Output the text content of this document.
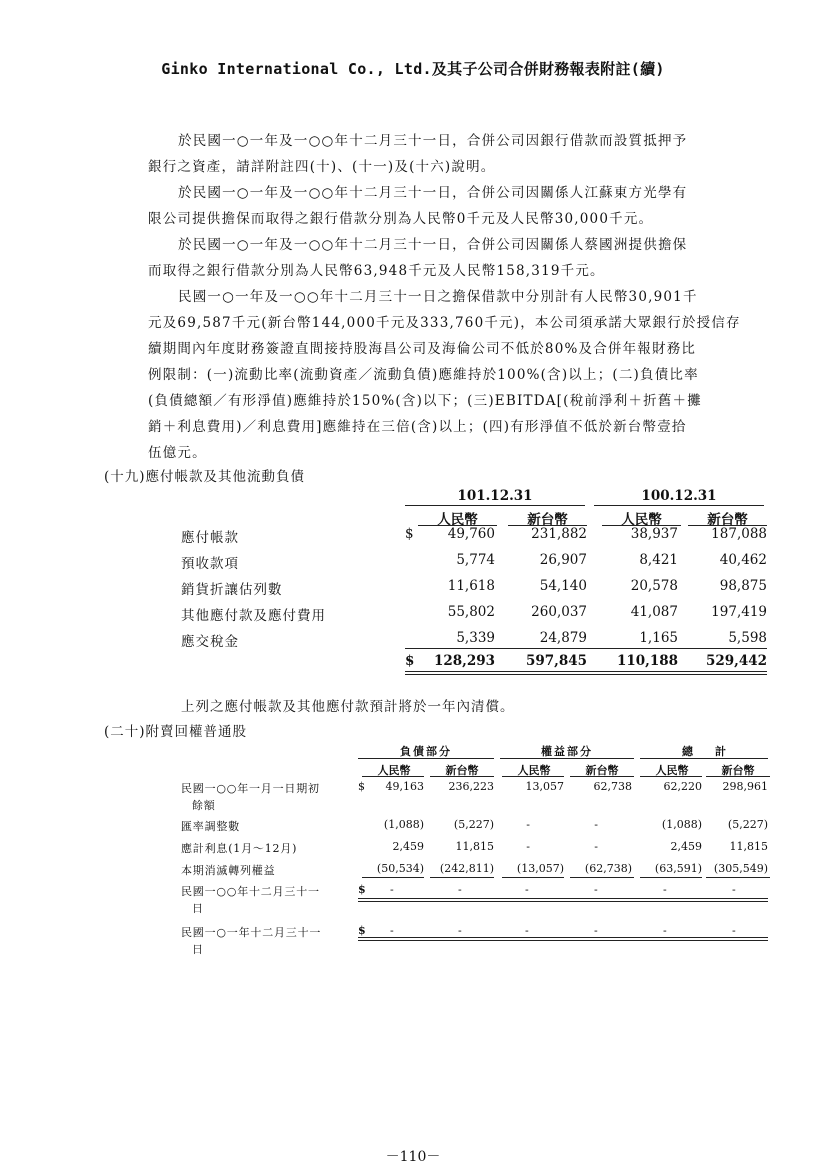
Ginko International Co., Ltd.及其子公司合併財務報表附註(續)
於民國一○一年及一○○年十二月三十一日，合併公司因銀行借款而設質抵押予
銀行之資產，請詳附註四(十)、(十一)及(十六)說明。
於民國一○一年及一○○年十二月三十一日，合併公司因關係人江蘇東方光學有
限公司提供擔保而取得之銀行借款分別為人民幣0千元及人民幣30,000千元。
於民國一○一年及一○○年十二月三十一日，合併公司因關係人蔡國洲提供擔保
而取得之銀行借款分別為人民幣63,948千元及人民幣158,319千元。
民國一○一年及一○○年十二月三十一日之擔保借款中分別計有人民幣30,901千
元及69,587千元(新台幣144,000千元及333,760千元)，本公司須承諾大眾銀行於授信存
續期間內年度財務簽證直間接持股海昌公司及海倫公司不低於80%及合併年報財務比
例限制：(一)流動比率(流動資產／流動負債)應維持於100%(含)以上；(二)負債比率
(負債總額／有形淨值)應維持於150%(含)以下；(三)EBITDA[(稅前淨利＋折舊＋攤
銷＋利息費用)／利息費用]應維持在三倍(含)以上；(四)有形淨值不低於新台幣壹拾
伍億元。
(十九)應付帳款及其他流動負債
101.12.31	100.12.31
人民幣	新台幣	人民幣	新台幣
應付帳款	$	49,760	231,882	38,937	187,088
預收款項	5,774	26,907	8,421	40,462
銷貨折讓估列數	11,618	54,140	20,578	98,875
其他應付款及應付費用	55,802	260,037	41,087	197,419
應交稅金	5,339	24,879	1,165	5,598
$	128,293	597,845	110,188	529,442
上列之應付帳款及其他應付款預計將於一年內清償。
(二十)附賣回權普通股
負債部分	權益部分	總　　計
人民幣	新台幣	人民幣	新台幣	人民幣	新台幣
民國一○○年一月一日期初
餘額
$	49,163	236,223	13,057	62,738	62,220	298,961
匯率調整數	(1,088)	(5,227)	-	-	(1,088)	(5,227)
應計利息(1月～12月)	2,459	11,815	-	-	2,459	11,815
本期消滅轉列權益	(50,534)	(242,811)	(13,057)	(62,738)	(63,591)	(305,549)
民國一○○年十二月三十一
日
$ -	-	-	-	-	-
民國一○一年十二月三十一
日
$ -	-	-	-	-	-
－110－
